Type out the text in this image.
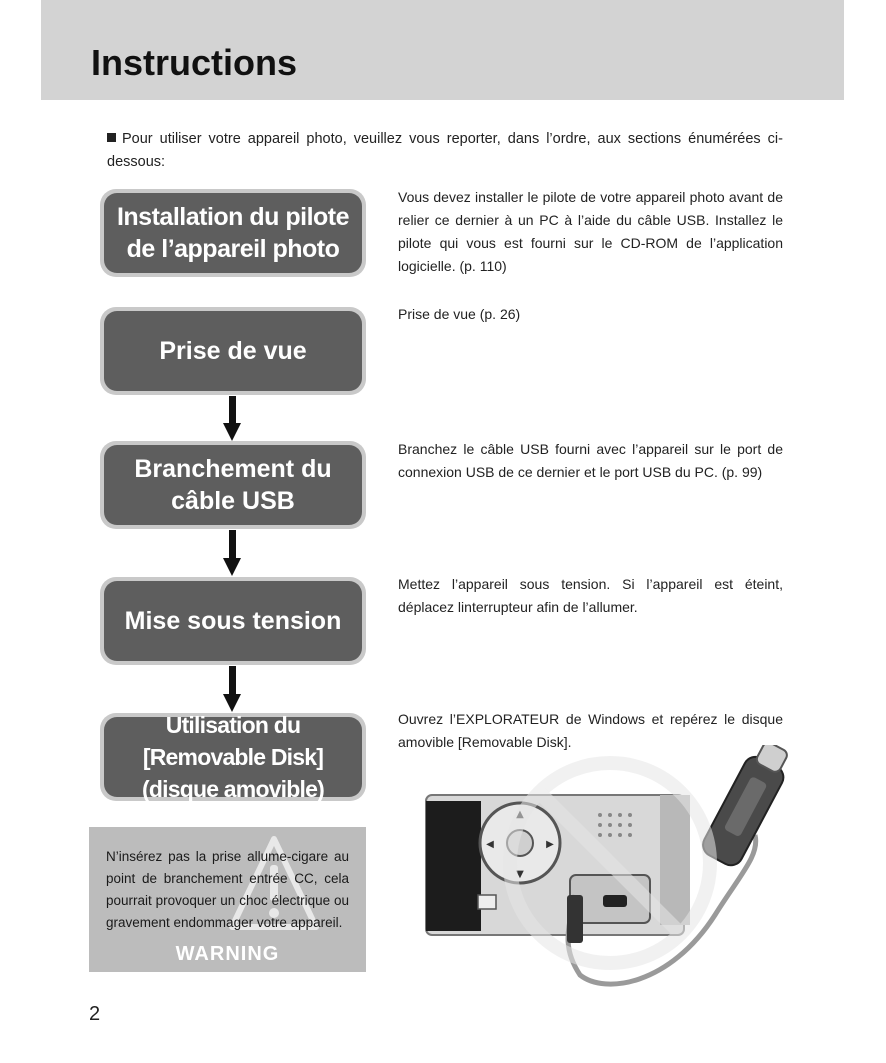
Instructions
Pour utiliser votre appareil photo, veuillez vous reporter, dans l’ordre, aux sections énumérées ci-dessous:
Installation du pilote de l’appareil photo
Prise de vue
Branchement du câble USB
Mise sous tension
Utilisation du [Removable Disk] (disque amovible)
Vous devez installer le pilote de votre appareil photo avant de relier ce dernier à un PC à l’aide du câble USB. Installez le pilote qui vous est fourni sur le CD-ROM de l’application logicielle. (p. 110)
Prise de vue (p. 26)
Branchez le câble USB fourni avec l’appareil sur le port de connexion USB de ce dernier et le port USB du PC. (p. 99)
Mettez l’appareil sous tension. Si l’appareil est éteint, déplacez linterrupteur afin de l’allumer.
Ouvrez l’EXPLORATEUR de Windows et repérez le disque amovible [Removable Disk].
N’insérez pas la prise allume-cigare au point de branchement entrée CC, cela pourrait provoquer un choc électrique ou gravement endommager votre appareil.
WARNING
▲
▼
◀	▶
2
